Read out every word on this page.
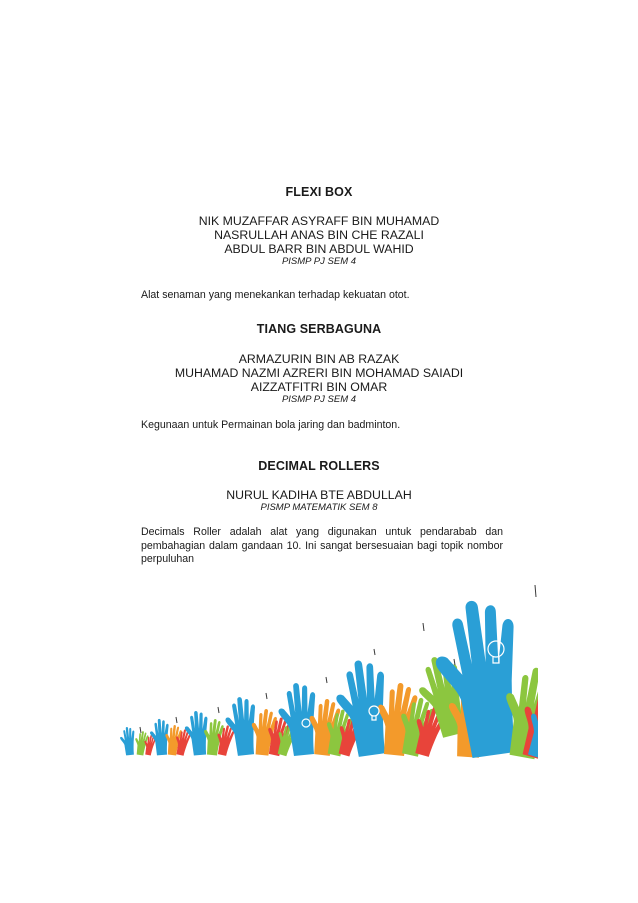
FLEXI BOX
NIK MUZAFFAR ASYRAFF BIN MUHAMAD
NASRULLAH ANAS BIN CHE RAZALI
ABDUL BARR BIN ABDUL WAHID
PISMP PJ SEM 4
Alat senaman yang menekankan terhadap kekuatan otot.
TIANG SERBAGUNA
ARMAZURIN BIN AB RAZAK
MUHAMAD NAZMI AZRERI BIN MOHAMAD SAIADI
AIZZATFITRI BIN OMAR
PISMP PJ SEM 4
Kegunaan untuk Permainan bola jaring dan badminton.
DECIMAL ROLLERS
NURUL KADIHA BTE ABDULLAH
PISMP MATEMATIK SEM 8
Decimals Roller adalah alat yang digunakan untuk pendarabab dan pembahagian dalam gandaan 10. Ini sangat bersesuaian bagi topik nombor perpuluhan
